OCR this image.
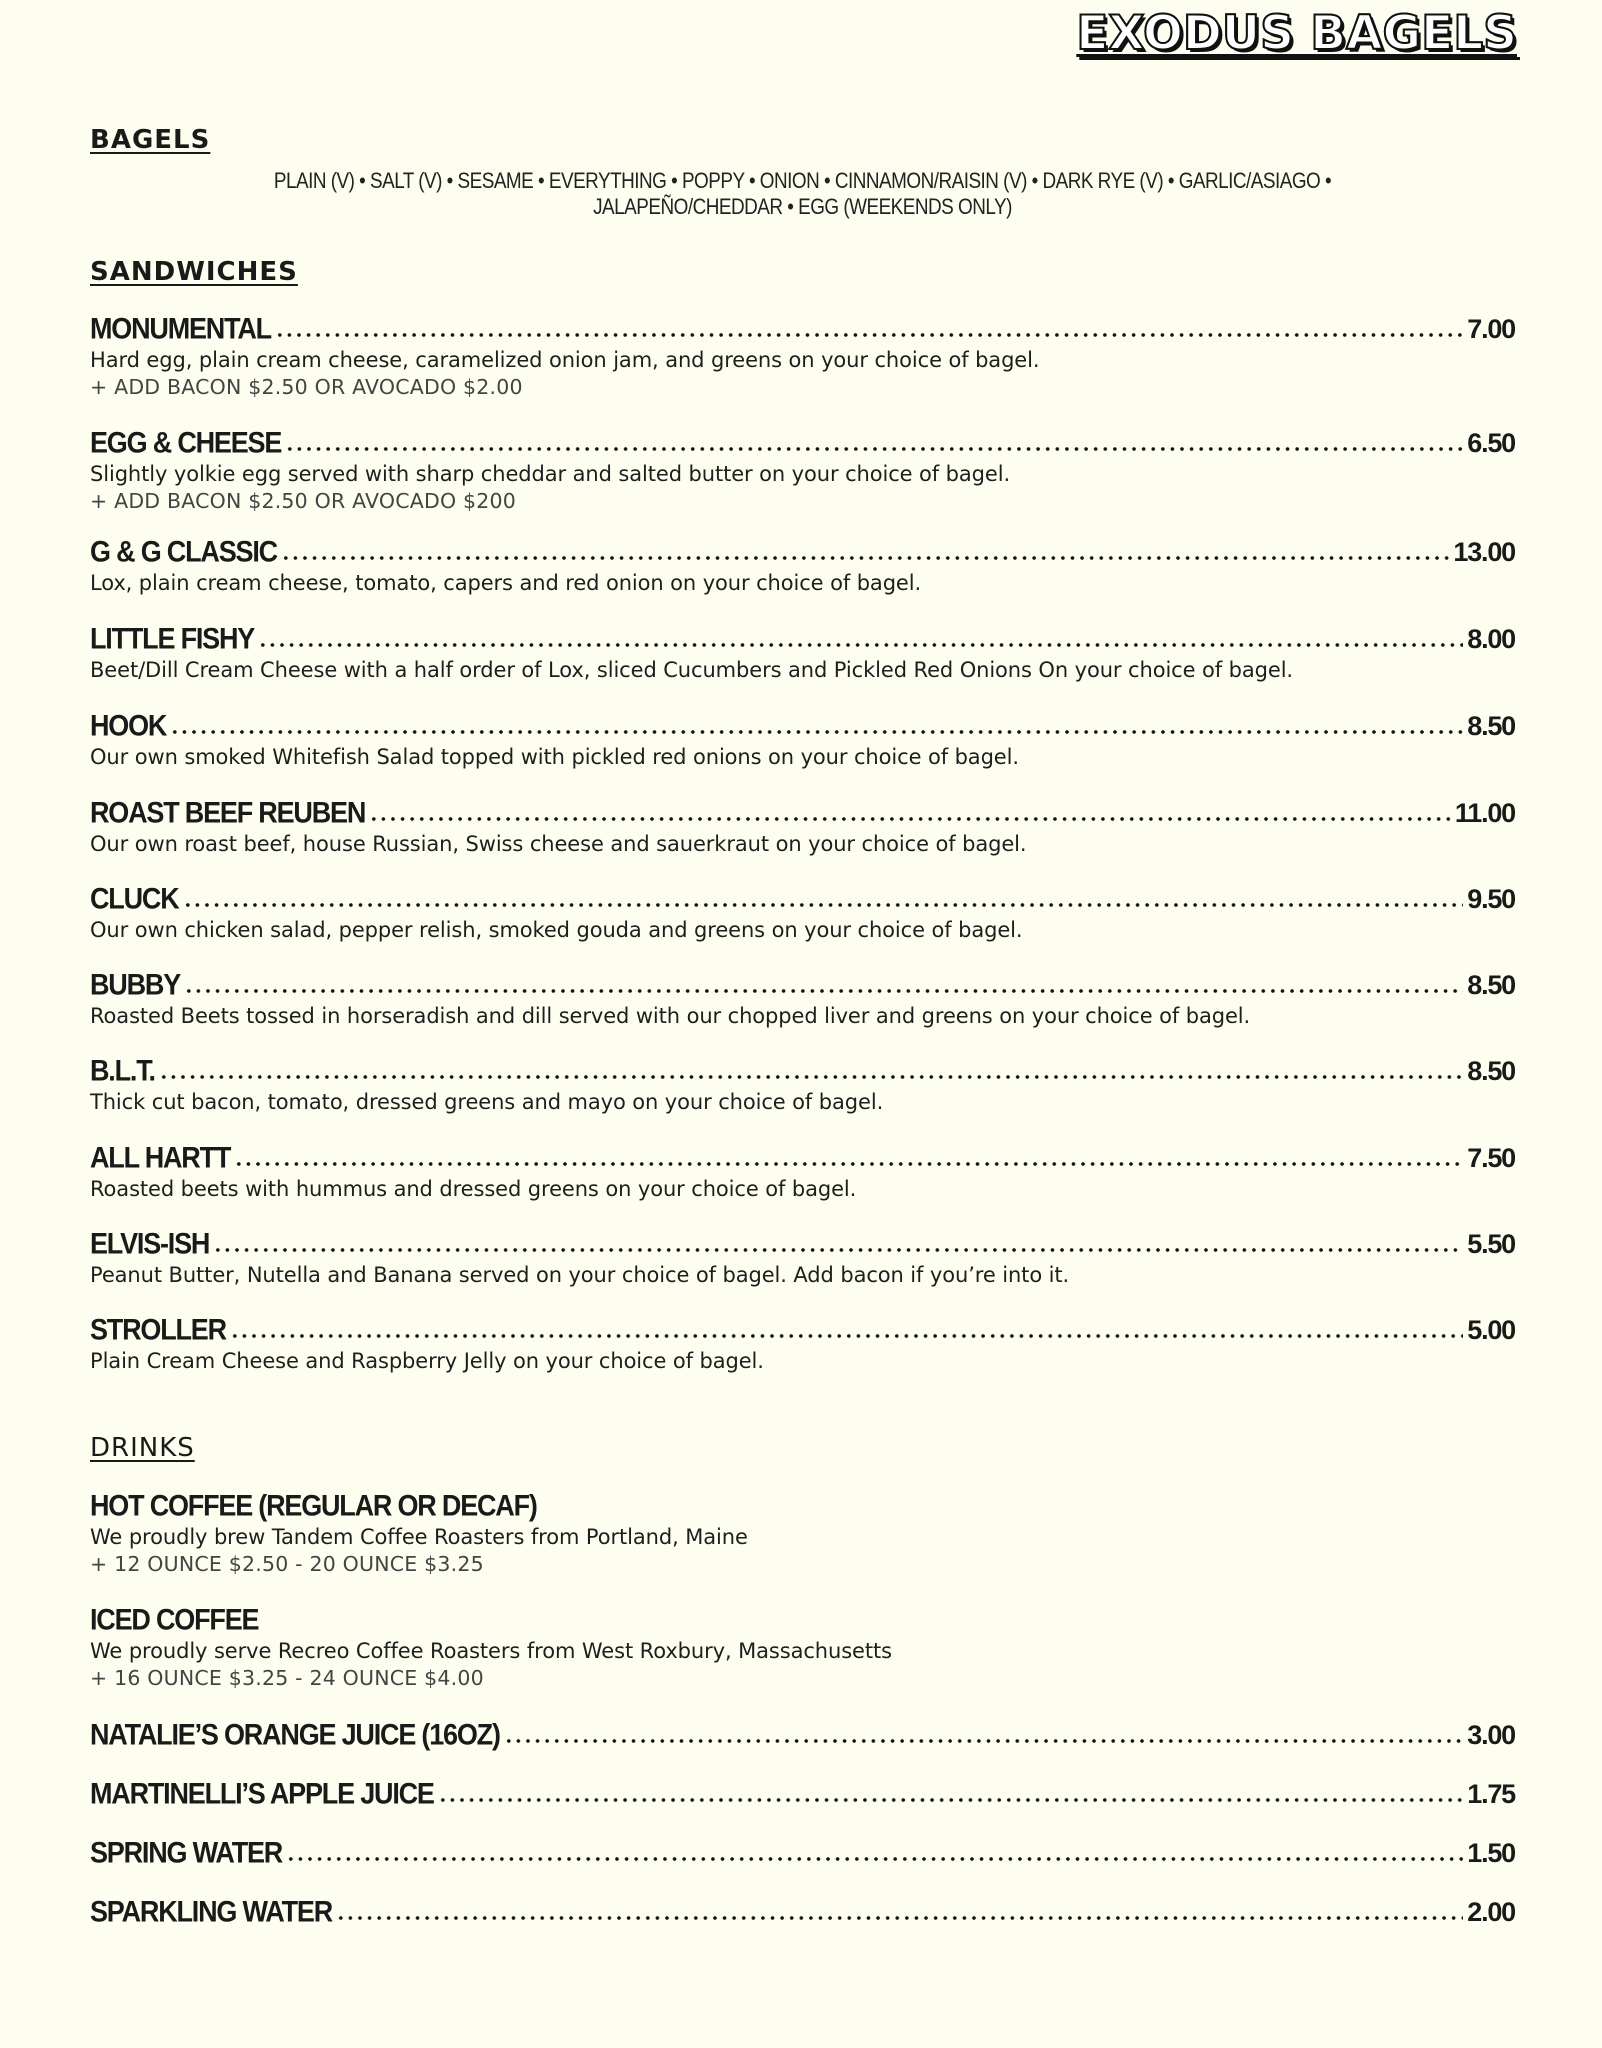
EXODUS BAGELS
BAGELS

PLAIN (V) • SALT (V) • SESAME • EVERYTHING • POPPY • ONION • CINNAMON/RAISIN (V) • DARK RYE (V) • GARLIC/ASIAGO • JALAPEÑO/CHEDDAR • EGG (WEEKENDS ONLY)

SANDWICHES
MONUMENTAL	7.00

Hard egg, plain cream cheese, caramelized onion jam, and greens on your choice of bagel.

+ ADD BACON $2.50 OR AVOCADO $2.00

EGG & CHEESE	6.50

Slightly yolkie egg served with sharp cheddar and salted butter on your choice of bagel.

+ ADD BACON $2.50 OR AVOCADO $200

G & G CLASSIC	13.00

Lox, plain cream cheese, tomato, capers and red onion on your choice of bagel.

LITTLE FISHY	8.00

Beet/Dill Cream Cheese with a half order of Lox, sliced Cucumbers and Pickled Red Onions On your choice of bagel.

HOOK	8.50

Our own smoked Whitefish Salad topped with pickled red onions on your choice of bagel.

ROAST BEEF REUBEN	11.00

Our own roast beef, house Russian, Swiss cheese and sauerkraut on your choice of bagel.

CLUCK	9.50

Our own chicken salad, pepper relish, smoked gouda and greens on your choice of bagel.

BUBBY	8.50

Roasted Beets tossed in horseradish and dill served with our chopped liver and greens on your choice of bagel.

B.L.T.	8.50

Thick cut bacon, tomato, dressed greens and mayo on your choice of bagel.

ALL HARTT	7.50

Roasted beets with hummus and dressed greens on your choice of bagel.

ELVIS-ISH	5.50

Peanut Butter, Nutella and Banana served on your choice of bagel. Add bacon if you’re into it.

STROLLER	5.00

Plain Cream Cheese and Raspberry Jelly on your choice of bagel.

DRINKS
HOT COFFEE (REGULAR OR DECAF)

We proudly brew Tandem Coffee Roasters from Portland, Maine

+ 12 OUNCE $2.50 - 20 OUNCE $3.25

ICED COFFEE

We proudly serve Recreo Coffee Roasters from West Roxbury, Massachusetts

+ 16 OUNCE $3.25 - 24 OUNCE $4.00

NATALIE’S ORANGE JUICE (16OZ)	3.00
MARTINELLI’S APPLE JUICE	1.75
SPRING WATER	1.50
SPARKLING WATER	2.00
